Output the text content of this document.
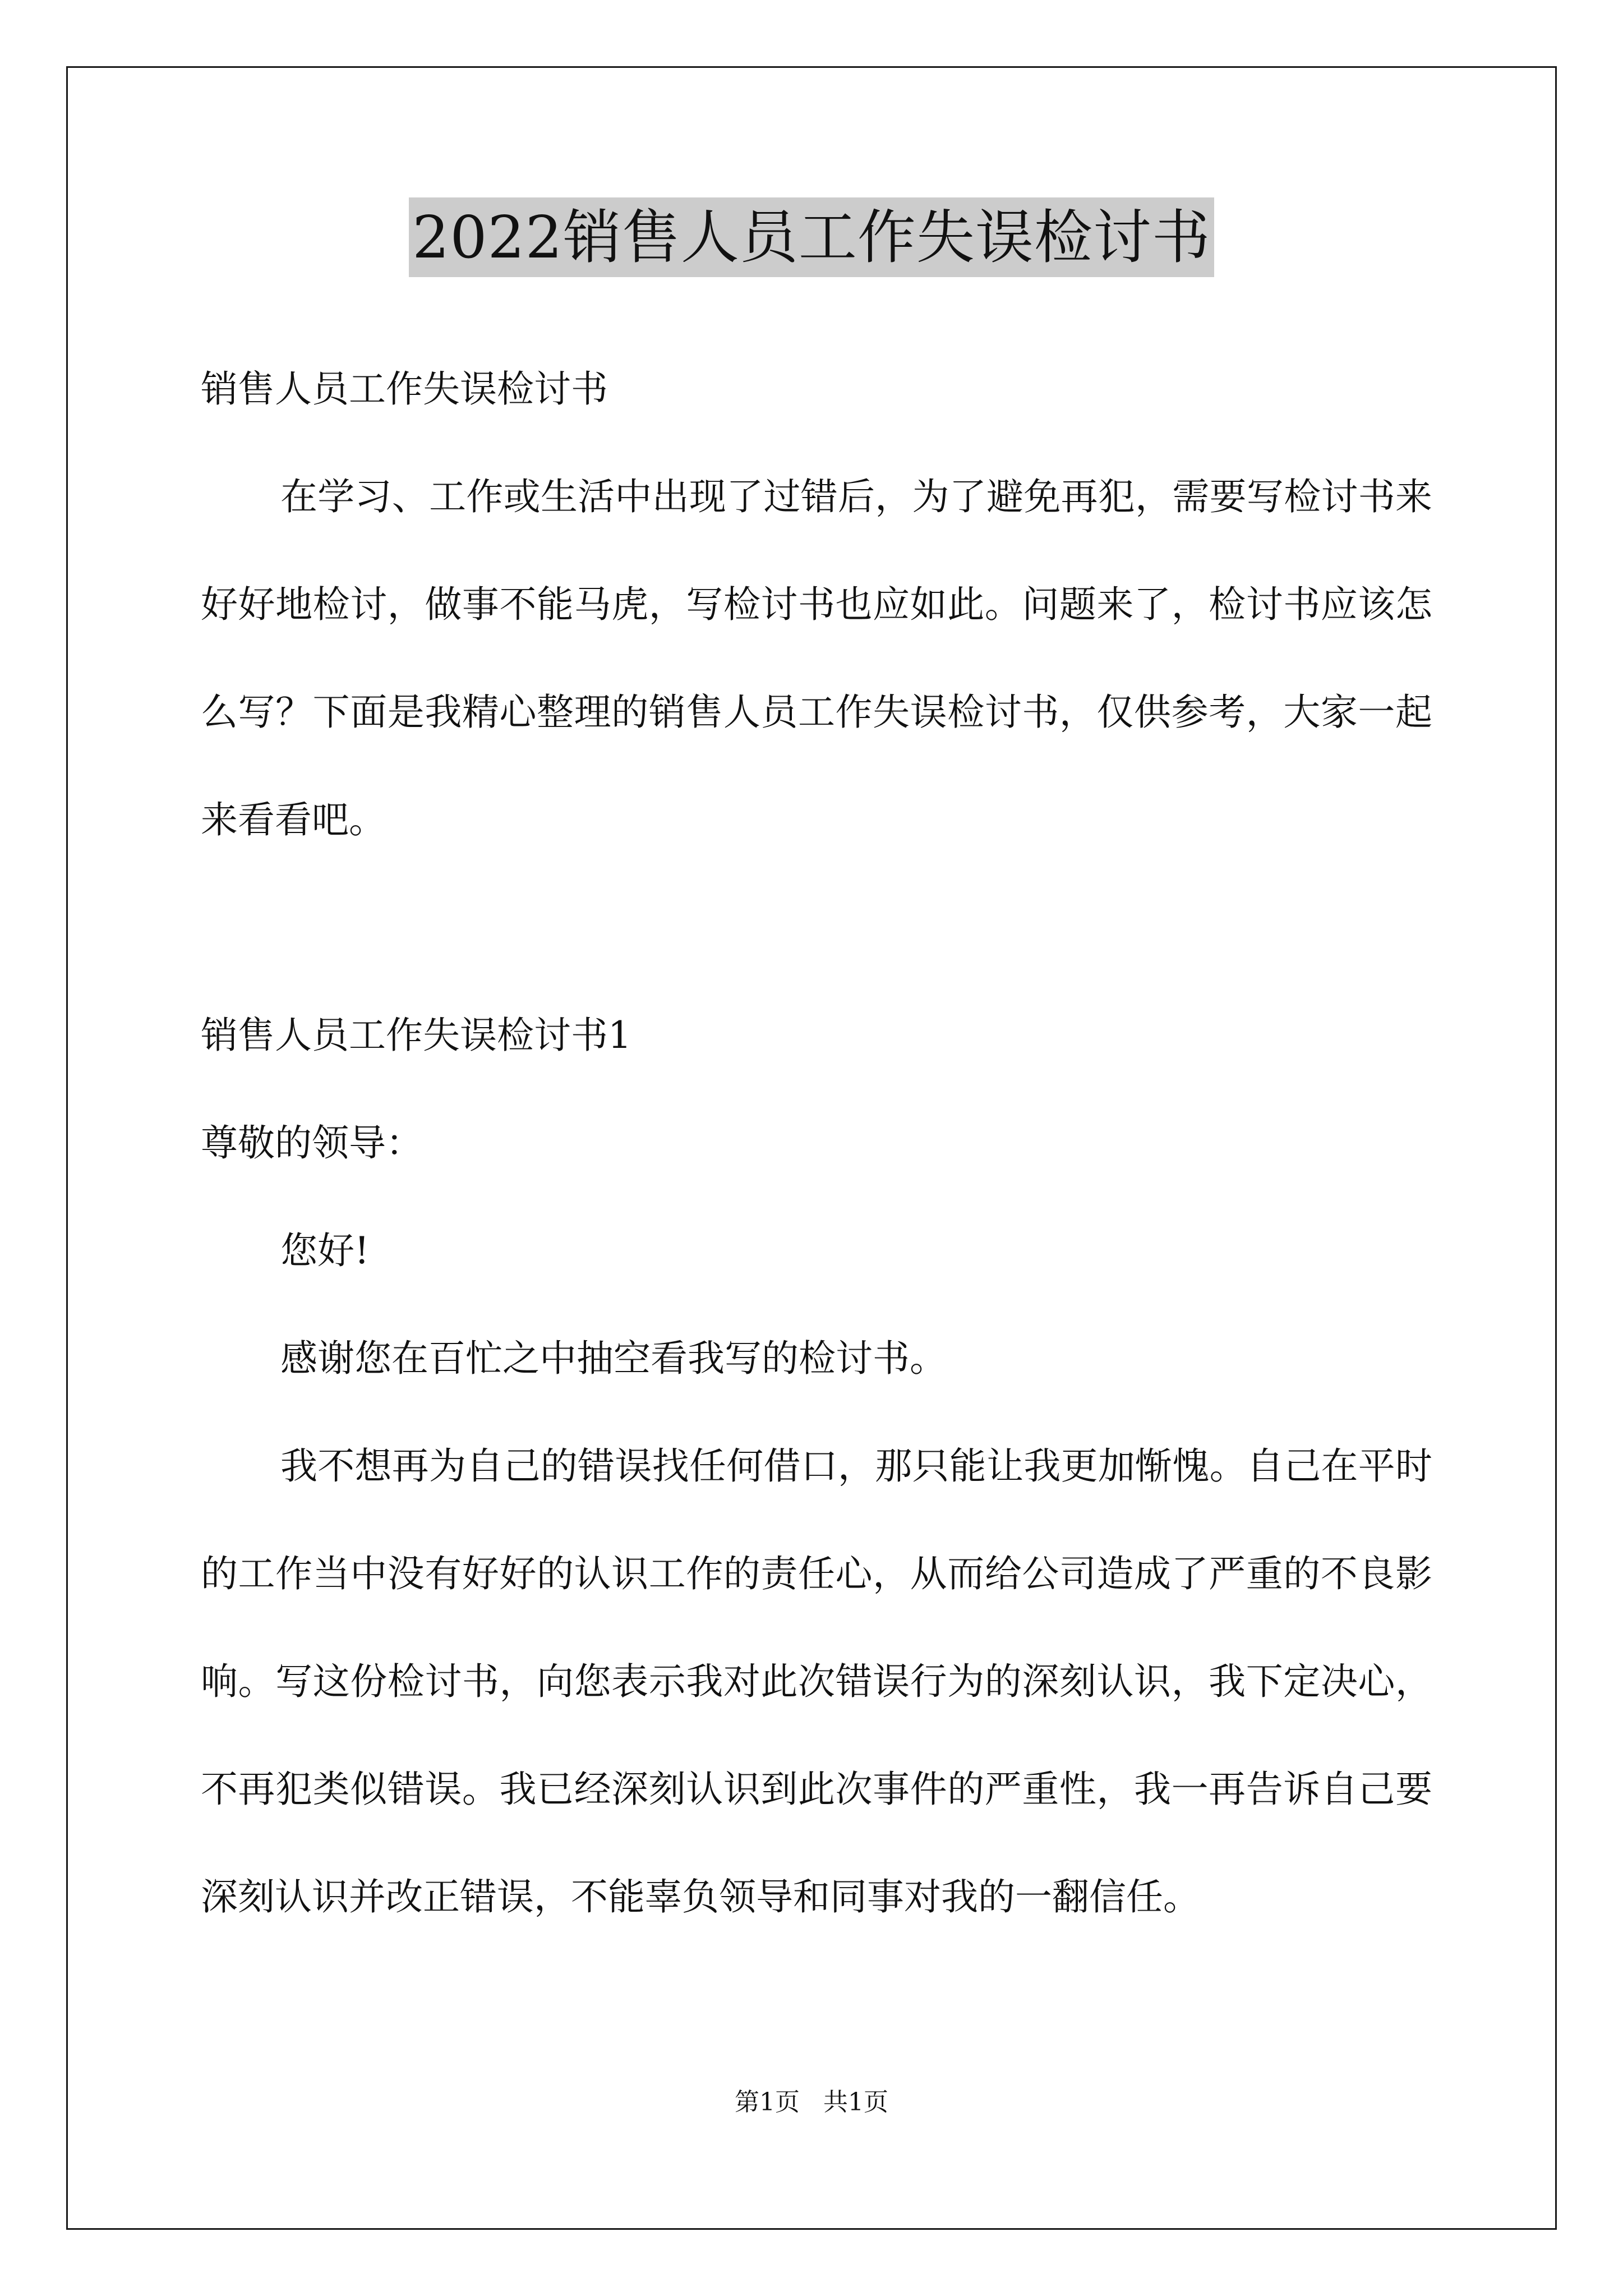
2022销售人员工作失误检讨书

销售人员工作失误检讨书

在学习、工作或生活中出现了过错后，为了避免再犯，需要写检讨书来好好地检讨，做事不能马虎，写检讨书也应如此。问题来了，检讨书应该怎么写？下面是我精心整理的销售人员工作失误检讨书，仅供参考，大家一起来看看吧。

销售人员工作失误检讨书1

尊敬的领导：

您好!

感谢您在百忙之中抽空看我写的检讨书。

我不想再为自己的错误找任何借口，那只能让我更加惭愧。自己在平时的工作当中没有好好的认识工作的责任心，从而给公司造成了严重的不良影响。写这份检讨书，向您表示我对此次错误行为的深刻认识，我下定决心，不再犯类似错误。我已经深刻认识到此次事件的严重性，我一再告诉自己要深刻认识并改正错误，不能辜负领导和同事对我的一翻信任。

第1页   共1页
